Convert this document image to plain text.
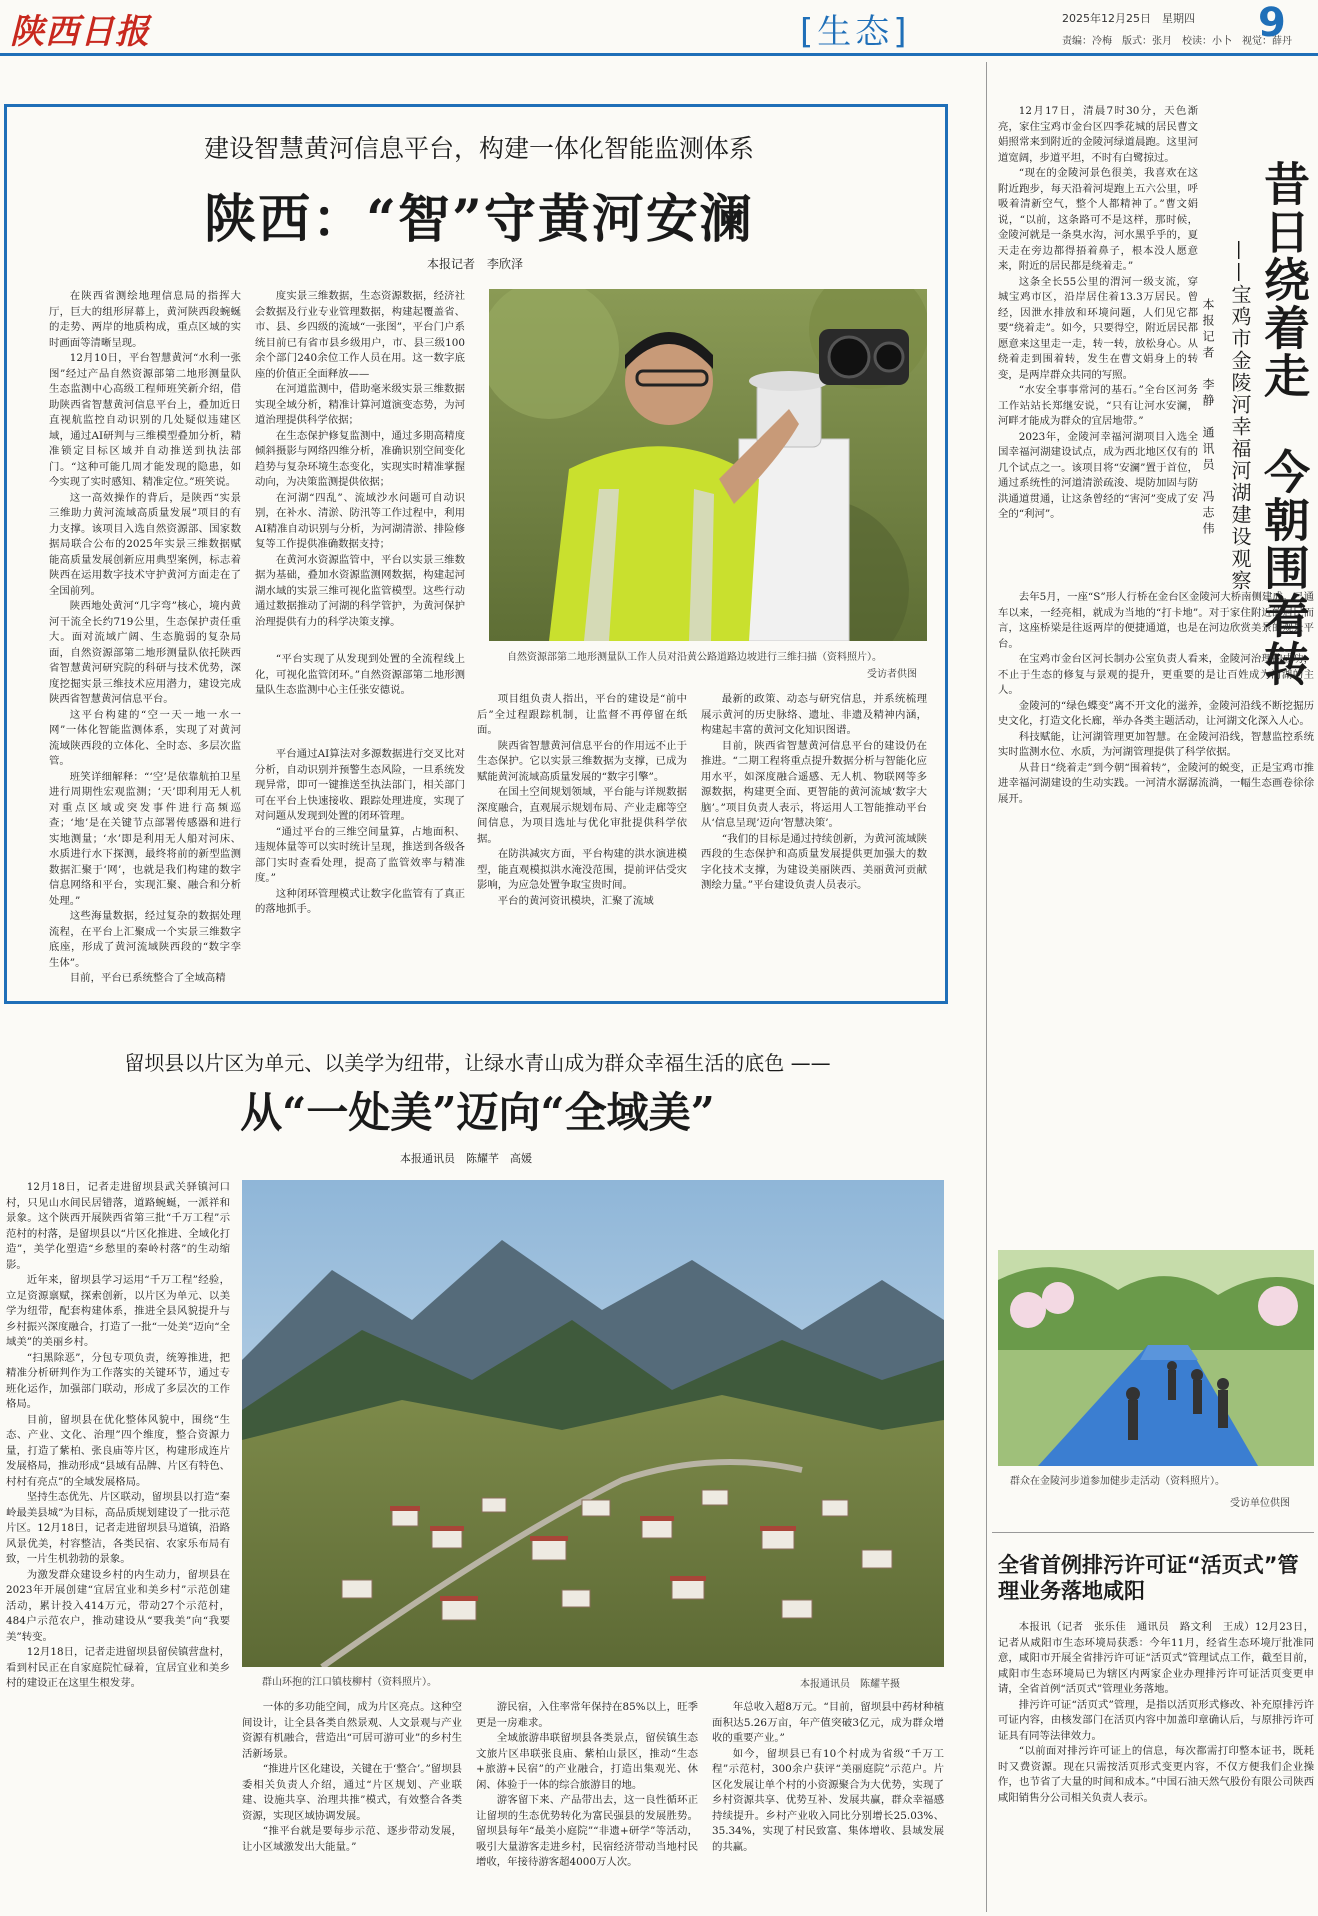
陕西日报	[生态]	2025年12月25日　星期四
责编：冷梅　版式：张月　校读：小卜　视觉：薛丹
9
建设智慧黄河信息平台，构建一体化智能监测体系
陕西：“智”守黄河安澜
本报记者　李欣泽

在陕西省测绘地理信息局的指挥大厅，巨大的组形屏幕上，黄河陕西段蜿蜒的走势、两岸的地质构成，重点区域的实时画面等清晰呈现。

12月10日，平台智慧黄河“水利一张图”经过产品自然资源部第二地形测量队生态监测中心高级工程师班笑新介绍，借助陕西省智慧黄河信息平台上，叠加近日直视航监控自动识别的几处疑似违建区域，通过AI研判与三维模型叠加分析，精准锁定目标区域并自动推送到执法部门。“这种可能几周才能发现的隐患，如今实现了实时感知、精准定位。”班笑说。

这一高效操作的背后，是陕西“实景三维助力黄河流域高质量发展”项目的有力支撑。该项目入选自然资源部、国家数据局联合公布的2025年实景三维数据赋能高质量发展创新应用典型案例，标志着陕西在运用数字技术守护黄河方面走在了全国前列。

陕西地处黄河“几字弯”核心，境内黄河干流全长约719公里，生态保护责任重大。面对流域广阔、生态脆弱的复杂局面，自然资源部第二地形测量队依托陕西省智慧黄河研究院的科研与技术优势，深度挖掘实景三维技术应用潜力，建设完成陕西省智慧黄河信息平台。

这平台构建的“空一天一地一水一网”一体化智能监测体系，实现了对黄河流域陕西段的立体化、全时态、多层次监管。

班笑详细解释：“‘空’是依靠航拍卫星进行周期性宏观监测；‘天’即利用无人机对重点区域或突发事件进行高频巡查；‘地’是在关键节点部署传感器和进行实地测量；‘水’即是利用无人船对河床、水质进行水下探测，最终将前的新型监测数据汇聚于‘网’，也就是我们构建的数字信息网络和平台，实现汇聚、融合和分析处理。”

这些海量数据，经过复杂的数据处理流程，在平台上汇聚成一个实景三维数字底座，形成了黄河流域陕西段的“数字孪生体”。

目前，平台已系统整合了全域高精

度实景三维数据，生态资源数据，经济社会数据及行业专业管理数据，构建起覆盖省、市、县、乡四级的流域“一张图”，平台门户系统目前已有省市县乡级用户，市、县三级100余个部门240余位工作人员在用。这一数字底座的价值正全面释放——

在河道监测中，借助毫米级实景三维数据实现全域分析，精准计算河道演变态势，为河道治理提供科学依据；

在生态保护修复监测中，通过多期高精度倾斜摄影与网络四维分析，准确识别空间变化趋势与复杂环境生态变化，实现实时精准掌握动向，为决策监测提供依据；

在河湖“四乱”、流域沙水问题可自动识别，在补水、清淤、防汛等工作过程中，利用AI精准自动识别与分析，为河湖清淤、排险修复等工作提供准确数据支持；

在黄河水资源监管中，平台以实景三维数据为基础，叠加水资源监测网数据，构建起河湖水域的实景三维可视化监管模型。这些行动通过数据推动了河湖的科学管护，为黄河保护治理提供有力的科学决策支撑。

“平台实现了从发现到处置的全流程线上化，可视化监管闭环。”自然资源部第二地形测量队生态监测中心主任张安德说。

自然资源部第二地形测量队工作人员对沿黄公路道路边坡进行三维扫描（资料照片）。
受访者供图

平台通过AI算法对多源数据进行交叉比对分析，自动识别并预警生态风险，一旦系统发现异常，即可一键推送至执法部门，相关部门可在平台上快速接收、跟踪处理进度，实现了对问题从发现到处置的闭环管理。

“通过平台的三维空间量算，占地面积、违规体量等可以实时统计呈现，推送到各级各部门实时查看处理，提高了监管效率与精准度。”

这种闭环管理模式让数字化监管有了真正的落地抓手。

项目组负责人指出，平台的建设是“前中后”全过程跟踪机制，让监督不再停留在纸面。

陕西省智慧黄河信息平台的作用远不止于生态保护。它以实景三维数据为支撑，已成为赋能黄河流域高质量发展的“数字引擎”。

在国土空间规划领域，平台能与详规数据深度融合，直观展示规划布局、产业走廊等空间信息，为项目选址与优化审批提供科学依据。

在防洪减灾方面，平台构建的洪水演进模型，能直观模拟洪水淹没范围，提前评估受灾影响，为应急处置争取宝贵时间。

平台的黄河资讯模块，汇聚了流域

最新的政策、动态与研究信息，并系统梳理展示黄河的历史脉络、遗址、非遗及精神内涵，构建起丰富的黄河文化知识图谱。

目前，陕西省智慧黄河信息平台的建设仍在推进。“二期工程将重点提升数据分析与智能化应用水平，如深度融合遥感、无人机、物联网等多源数据，构建更全面、更智能的黄河流域‘数字大脑’。”项目负责人表示，将运用人工智能推动平台从‘信息呈现’迈向‘智慧决策’。

“我们的目标是通过持续创新，为黄河流域陕西段的生态保护和高质量发展提供更加强大的数字化技术支撑，为建设美丽陕西、美丽黄河贡献测绘力量。”平台建设负责人员表示。

留坝县以片区为单元、以美学为纽带，让绿水青山成为群众幸福生活的底色 ——
从“一处美”迈向“全域美”
本报通讯员　陈耀芊　高媛

12月18日，记者走进留坝县武关驿镇河口村，只见山水间民居错落，道路蜿蜒，一派祥和景象。这个陕西开展陕西省第三批“千万工程”示范村的村落，是留坝县以“片区化推进、全域化打造”，美学化塑造“乡愁里的秦岭村落”的生动缩影。

近年来，留坝县学习运用“千万工程”经验，立足资源禀赋，探索创新，以片区为单元、以美学为纽带，配套构建体系，推进全县风貌提升与乡村振兴深度融合，打造了一批“一处美”迈向“全域美”的美丽乡村。

“扫黑除恶”，分包专项负责，统筹推进，把精准分析研判作为工作落实的关键环节，通过专班化运作，加强部门联动，形成了多层次的工作格局。

目前，留坝县在优化整体风貌中，围绕“生态、产业、文化、治理”四个维度，整合资源力量，打造了紫柏、张良庙等片区，构建形成连片发展格局，推动形成“县域有品牌、片区有特色、村村有亮点”的全域发展格局。

坚持生态优先、片区联动，留坝县以打造“秦岭最美县城”为目标，高品质规划建设了一批示范片区。12月18日，记者走进留坝县马道镇，沿路风景优美，村容整洁，各类民宿、农家乐布局有致，一片生机勃勃的景象。

为激发群众建设乡村的内生动力，留坝县在2023年开展创建“宜居宜业和美乡村”示范创建活动，累计投入414万元，带动27个示范村，484户示范农户，推动建设从“要我美”向“我要美”转变。

12月18日，记者走进留坝县留侯镇营盘村，看到村民正在自家庭院忙碌着，宜居宜业和美乡村的建设正在这里生根发芽。	群山环抱的江口镇枝柳村（资料照片）。	本报通讯员　陈耀芊摄

一体的多功能空间，成为片区亮点。这种空间设计，让全县各类自然景观、人文景观与产业资源有机融合，营造出“可居可游可业”的乡村生活新场景。

“推进片区化建设，关键在于‘整合’。”留坝县委相关负责人介绍，通过“片区规划、产业联建、设施共享、治理共推”模式，有效整合各类资源，实现区域协调发展。

“推平台就是要每步示范、逐步带动发展，让小区域激发出大能量。”

游民宿，入住率常年保持在85%以上，旺季更是一房难求。

全域旅游串联留坝县各类景点，留侯镇生态文旅片区串联张良庙、紫柏山景区，推动“生态+旅游+民宿”的产业融合，打造出集观光、休闲、体验于一体的综合旅游目的地。

游客留下来、产品带出去，这一良性循环正让留坝的生态优势转化为富民强县的发展胜势。留坝县每年“最美小庭院”“非遗+研学”等活动，吸引大量游客走进乡村，民宿经济带动当地村民增收，年接待游客超4000万人次。

年总收入超8万元。“目前，留坝县中药材种植面积达5.26万亩，年产值突破3亿元，成为群众增收的重要产业。”

如今，留坝县已有10个村成为省级“千万工程”示范村，300余户获评“美丽庭院”示范户。片区化发展让单个村的小资源聚合为大优势，实现了乡村资源共享、优势互补、发展共赢，群众幸福感持续提升。乡村产业收入同比分别增长25.03%、35.34%，实现了村民致富、集体增收、县域发展的共赢。

昔日绕着走　今朝围着转
——宝鸡市金陵河幸福河湖建设观察
本报记者　李静　通讯员　冯志伟

12月17日，清晨7时30分，天色渐亮，家住宝鸡市金台区四季花城的居民曹文娟照常来到附近的金陵河绿道晨跑。这里河道宽阔，步道平坦，不时有白鹭掠过。

“现在的金陵河景色很美，我喜欢在这附近跑步，每天沿着河堤跑上五六公里，呼吸着清新空气，整个人都精神了。”曹文娟说，“以前，这条路可不是这样，那时候，金陵河就是一条臭水沟，河水黑乎乎的，夏天走在旁边都得捂着鼻子，根本没人愿意来，附近的居民都是绕着走。”

这条全长55公里的渭河一级支流，穿城宝鸡市区，沿岸居住着13.3万居民。曾经，因泄水排放和环境问题，人们见它都要“绕着走”。如今，只要得空，附近居民都愿意来这里走一走，转一转，放松身心。从绕着走到围着转，发生在曹文娟身上的转变，是两岸群众共同的写照。

“水安全事事常河的基石。”全台区河务工作站站长郑继安说，“只有让河水安澜，河畔才能成为群众的宜居地带。”

2023年，金陵河幸福河湖项目入选全国幸福河湖建设试点，成为西北地区仅有的几个试点之一。该项目将“安澜”置于首位，通过系统性的河道清淤疏浚、堤防加固与防洪通道贯通，让这条曾经的“害河”变成了安全的“利河”。

去年5月，一座“S”形人行桥在金台区金陵河大桥南侧建成。已通车以来，一经亮相，就成为当地的“打卡地”。对于家住附近的居民而言，这座桥梁是往返两岸的便捷通道，也是在河边欣赏美景的观景平台。

在宝鸡市金台区河长制办公室负责人看来，金陵河治理的成功，不止于生态的修复与景观的提升，更重要的是让百姓成为河湖的主人。

金陵河的“绿色蝶变”离不开文化的滋养，金陵河沿线不断挖掘历史文化，打造文化长廊，举办各类主题活动，让河湖文化深入人心。

科技赋能，让河湖管理更加智慧。在金陵河沿线，智慧监控系统实时监测水位、水质，为河湖管理提供了科学依据。

从昔日“绕着走”到今朝“围着转”，金陵河的蜕变，正是宝鸡市推进幸福河湖建设的生动实践。一河清水潺潺流淌，一幅生态画卷徐徐展开。

群众在金陵河步道参加健步走活动（资料照片）。
受访单位供图
全省首例排污许可证“活页式”管理业务落地咸阳

本报讯（记者　张乐佳　通讯员　路文利　王成）12月23日，记者从咸阳市生态环境局获悉：今年11月，经省生态环境厅批准同意，咸阳市开展全省排污许可证“活页式”管理试点工作，截至目前，咸阳市生态环境局已为辖区内两家企业办理排污许可证活页变更申请，全省首例“活页式”管理业务落地。

排污许可证“活页式”管理，是指以活页形式修改、补充原排污许可证内容，由核发部门在活页内容中加盖印章确认后，与原排污许可证具有同等法律效力。

“以前面对排污许可证上的信息，每次都需打印整本证书，既耗时又费资源。现在只需按活页形式变更内容，不仅方便我们企业操作，也节省了大量的时间和成本。”中国石油天然气股份有限公司陕西咸阳销售分公司相关负责人表示。
